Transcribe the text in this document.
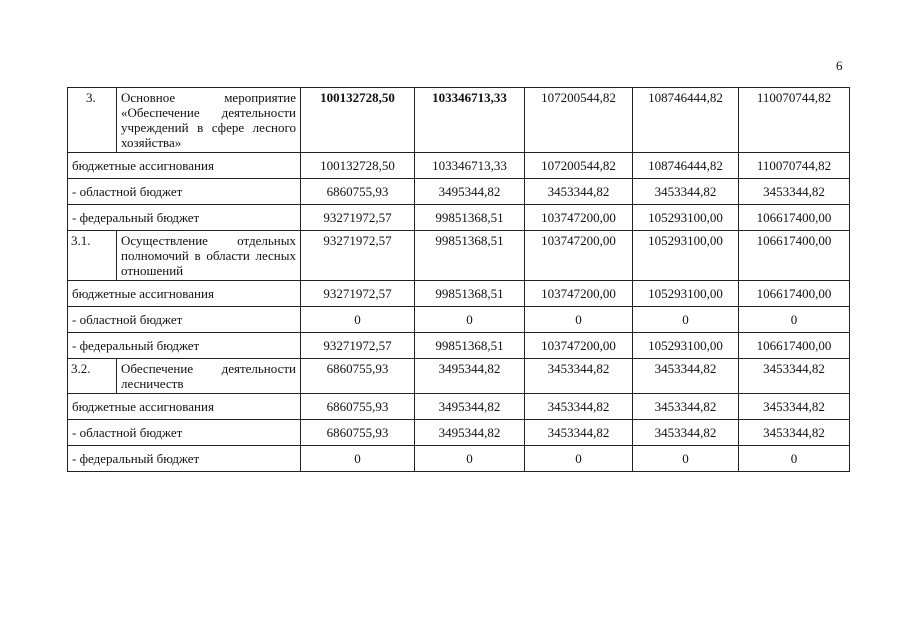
6
3.	Основное мероприятие «Обеспечение деятельности учреждений в сфере лесного хозяйства»	100132728,50	103346713,33	107200544,82	108746444,82	110070744,82
бюджетные ассигнования		100132728,50	103346713,33	107200544,82	108746444,82	110070744,82
- областной бюджет		6860755,93	3495344,82	3453344,82	3453344,82	3453344,82
- федеральный бюджет		93271972,57	99851368,51	103747200,00	105293100,00	106617400,00
3.1.	Осуществление отдельных полномочий в области лесных отношений	93271972,57	99851368,51	103747200,00	105293100,00	106617400,00
бюджетные ассигнования		93271972,57	99851368,51	103747200,00	105293100,00	106617400,00
- областной бюджет		0	0	0	0	0
- федеральный бюджет		93271972,57	99851368,51	103747200,00	105293100,00	106617400,00
3.2.	Обеспечение деятельности лесничеств	6860755,93	3495344,82	3453344,82	3453344,82	3453344,82
бюджетные ассигнования		6860755,93	3495344,82	3453344,82	3453344,82	3453344,82
- областной бюджет		6860755,93	3495344,82	3453344,82	3453344,82	3453344,82
- федеральный бюджет		0	0	0	0	0
